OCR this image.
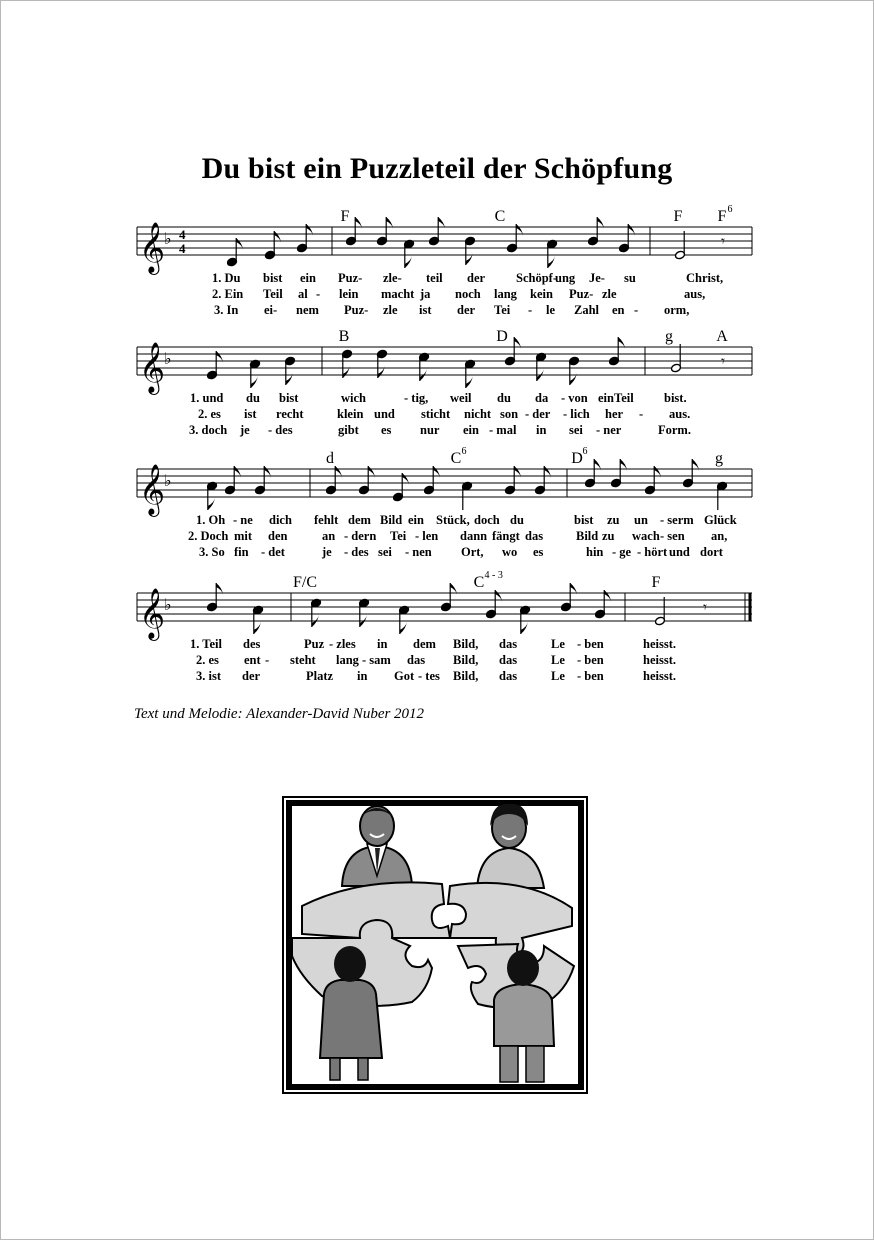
Du bist ein Puzzleteil der Schöpfung
𝄞
♭ 4
4	𝄾
F	C	F F 6
1. Du bist ein Puz- zle- teil der Schöpf-
ung Je- su	Christ,
2. Ein Teil al - lein macht ja noch lang kein Puz- zle	aus,
3. In ei- nem Puz- zle ist der Tei - le Zahl en - orm,
𝄞
♭	𝄾
B	D	g	A
1. und du bist	wich	- tig, weil du da - von ein Teil bist.
2. es ist recht	klein und sticht nicht son - der - lich her - aus.
3. doch je - des	gibt es nur ein - mal in sei - ner	Form.
𝄞
♭
d	C 6	D 6	g
1. Oh - ne dich fehlt dem Bild ein Stück, doch du	bist zu un - serm Glück
2. Doch mit den	an - dern Tei - len dann fängt das	Bild zu wach - sen an,
3. So fin - det	je - des sei - nen Ort, wo es	hin - ge - hört und dort
𝄞
♭	𝄾
F/C	C 4 - 3	F
1. Teil des	Puz - zles in dem Bild, das	Le - ben	heisst.
2. es ent - steht lang - sam das Bild, das	Le - ben	heisst.
3. ist der	Platz in Got - tes Bild, das	Le - ben	heisst.
Text und Melodie: Alexander-David Nuber 2012
